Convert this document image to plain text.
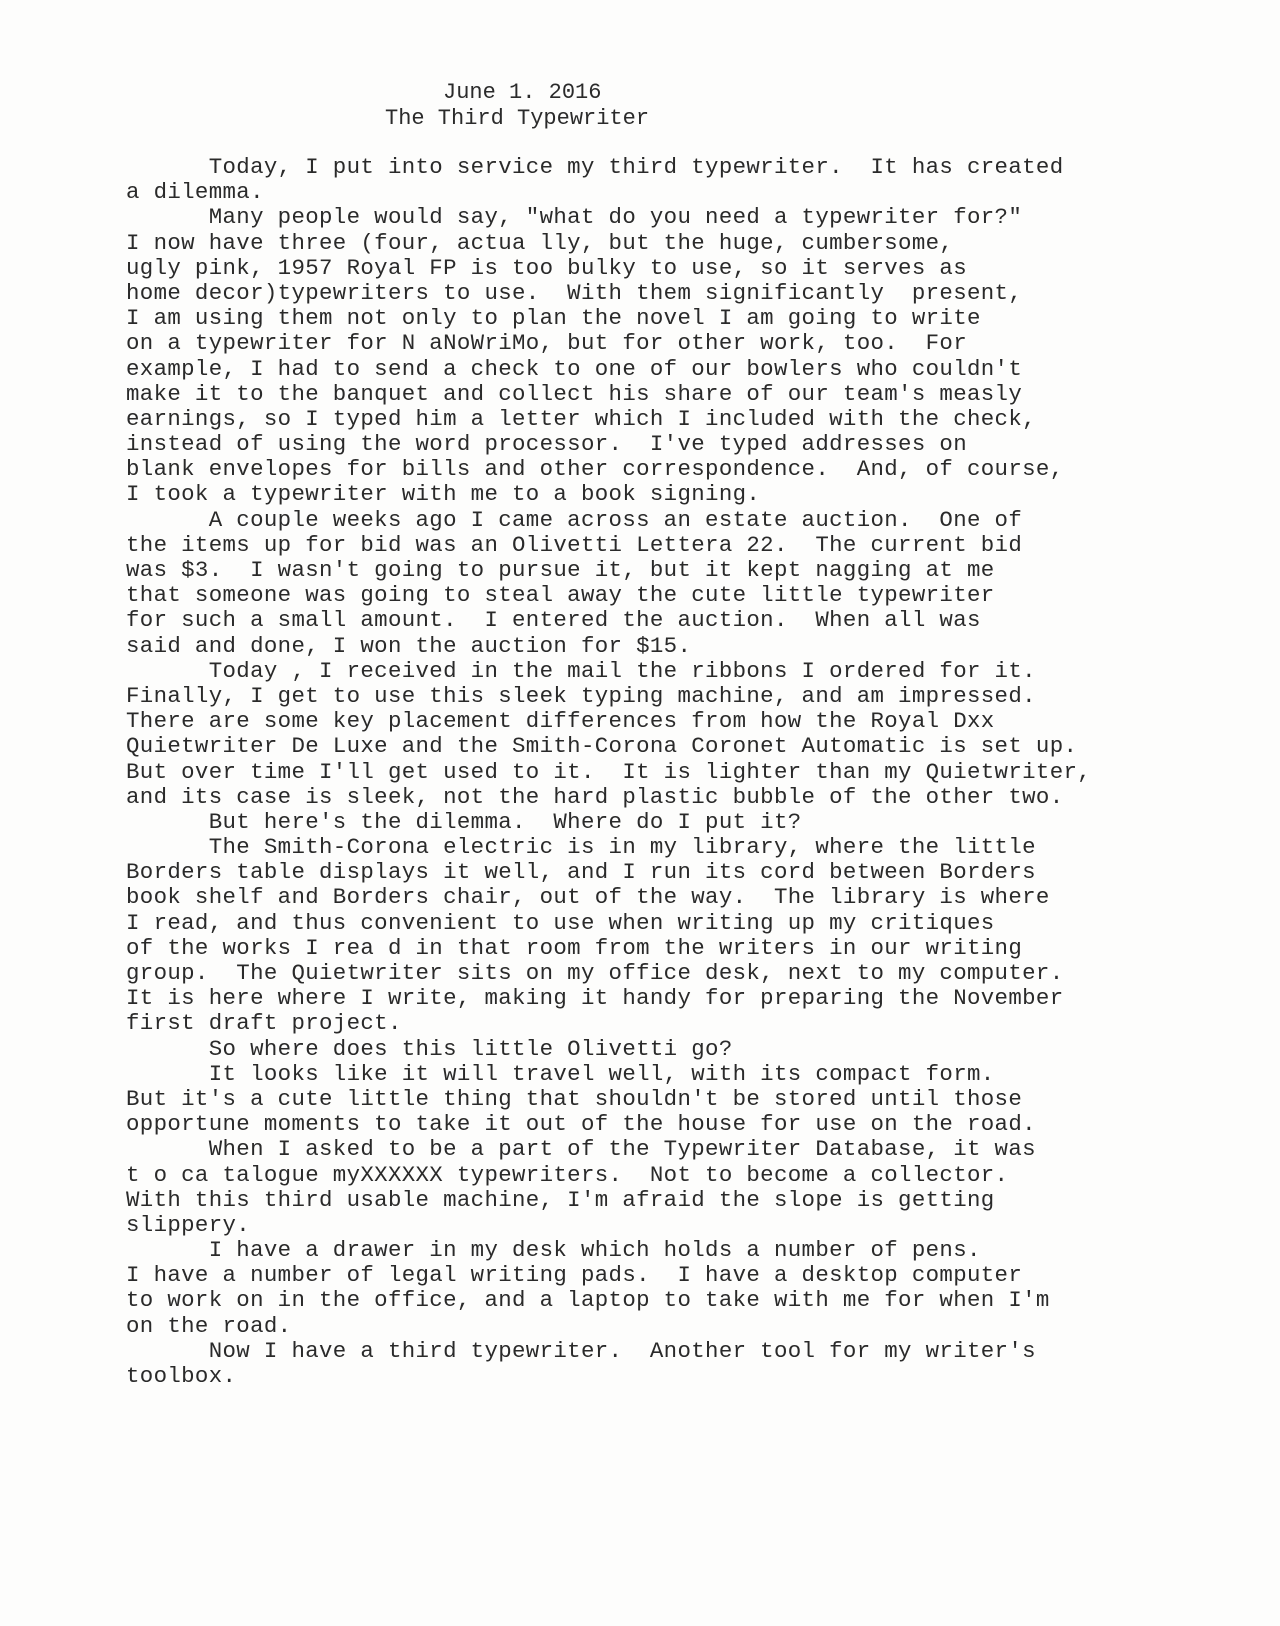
June 1. 2016
The Third Typewriter
Today, I put into service my third typewriter.  It has created
a dilemma.
Many people would say, "what do you need a typewriter for?"
I now have three (four, actua lly, but the huge, cumbersome,
ugly pink, 1957 Royal FP is too bulky to use, so it serves as
home decor)typewriters to use.  With them significantly  present,
I am using them not only to plan the novel I am going to write
on a typewriter for N aNoWriMo, but for other work, too.  For
example, I had to send a check to one of our bowlers who couldn't
make it to the banquet and collect his share of our team's measly
earnings, so I typed him a letter which I included with the check,
instead of using the word processor.  I've typed addresses on
blank envelopes for bills and other correspondence.  And, of course,
I took a typewriter with me to a book signing.
A couple weeks ago I came across an estate auction.  One of
the items up for bid was an Olivetti Lettera 22.  The current bid
was $3.  I wasn't going to pursue it, but it kept nagging at me
that someone was going to steal away the cute little typewriter
for such a small amount.  I entered the auction.  When all was
said and done, I won the auction for $15.
Today , I received in the mail the ribbons I ordered for it.
Finally, I get to use this sleek typing machine, and am impressed.
There are some key placement differences from how the Royal Dxx
Quietwriter De Luxe and the Smith-Corona Coronet Automatic is set up.
But over time I'll get used to it.  It is lighter than my Quietwriter,
and its case is sleek, not the hard plastic bubble of the other two.
But here's the dilemma.  Where do I put it?
The Smith-Corona electric is in my library, where the little
Borders table displays it well, and I run its cord between Borders
book shelf and Borders chair, out of the way.  The library is where
I read, and thus convenient to use when writing up my critiques
of the works I rea d in that room from the writers in our writing
group.  The Quietwriter sits on my office desk, next to my computer.
It is here where I write, making it handy for preparing the November
first draft project.
So where does this little Olivetti go?
It looks like it will travel well, with its compact form.
But it's a cute little thing that shouldn't be stored until those
opportune moments to take it out of the house for use on the road.
When I asked to be a part of the Typewriter Database, it was
t o ca talogue myXXXXXX typewriters.  Not to become a collector.
With this third usable machine, I'm afraid the slope is getting
slippery.
I have a drawer in my desk which holds a number of pens.
I have a number of legal writing pads.  I have a desktop computer
to work on in the office, and a laptop to take with me for when I'm
on the road.
Now I have a third typewriter.  Another tool for my writer's
toolbox.
